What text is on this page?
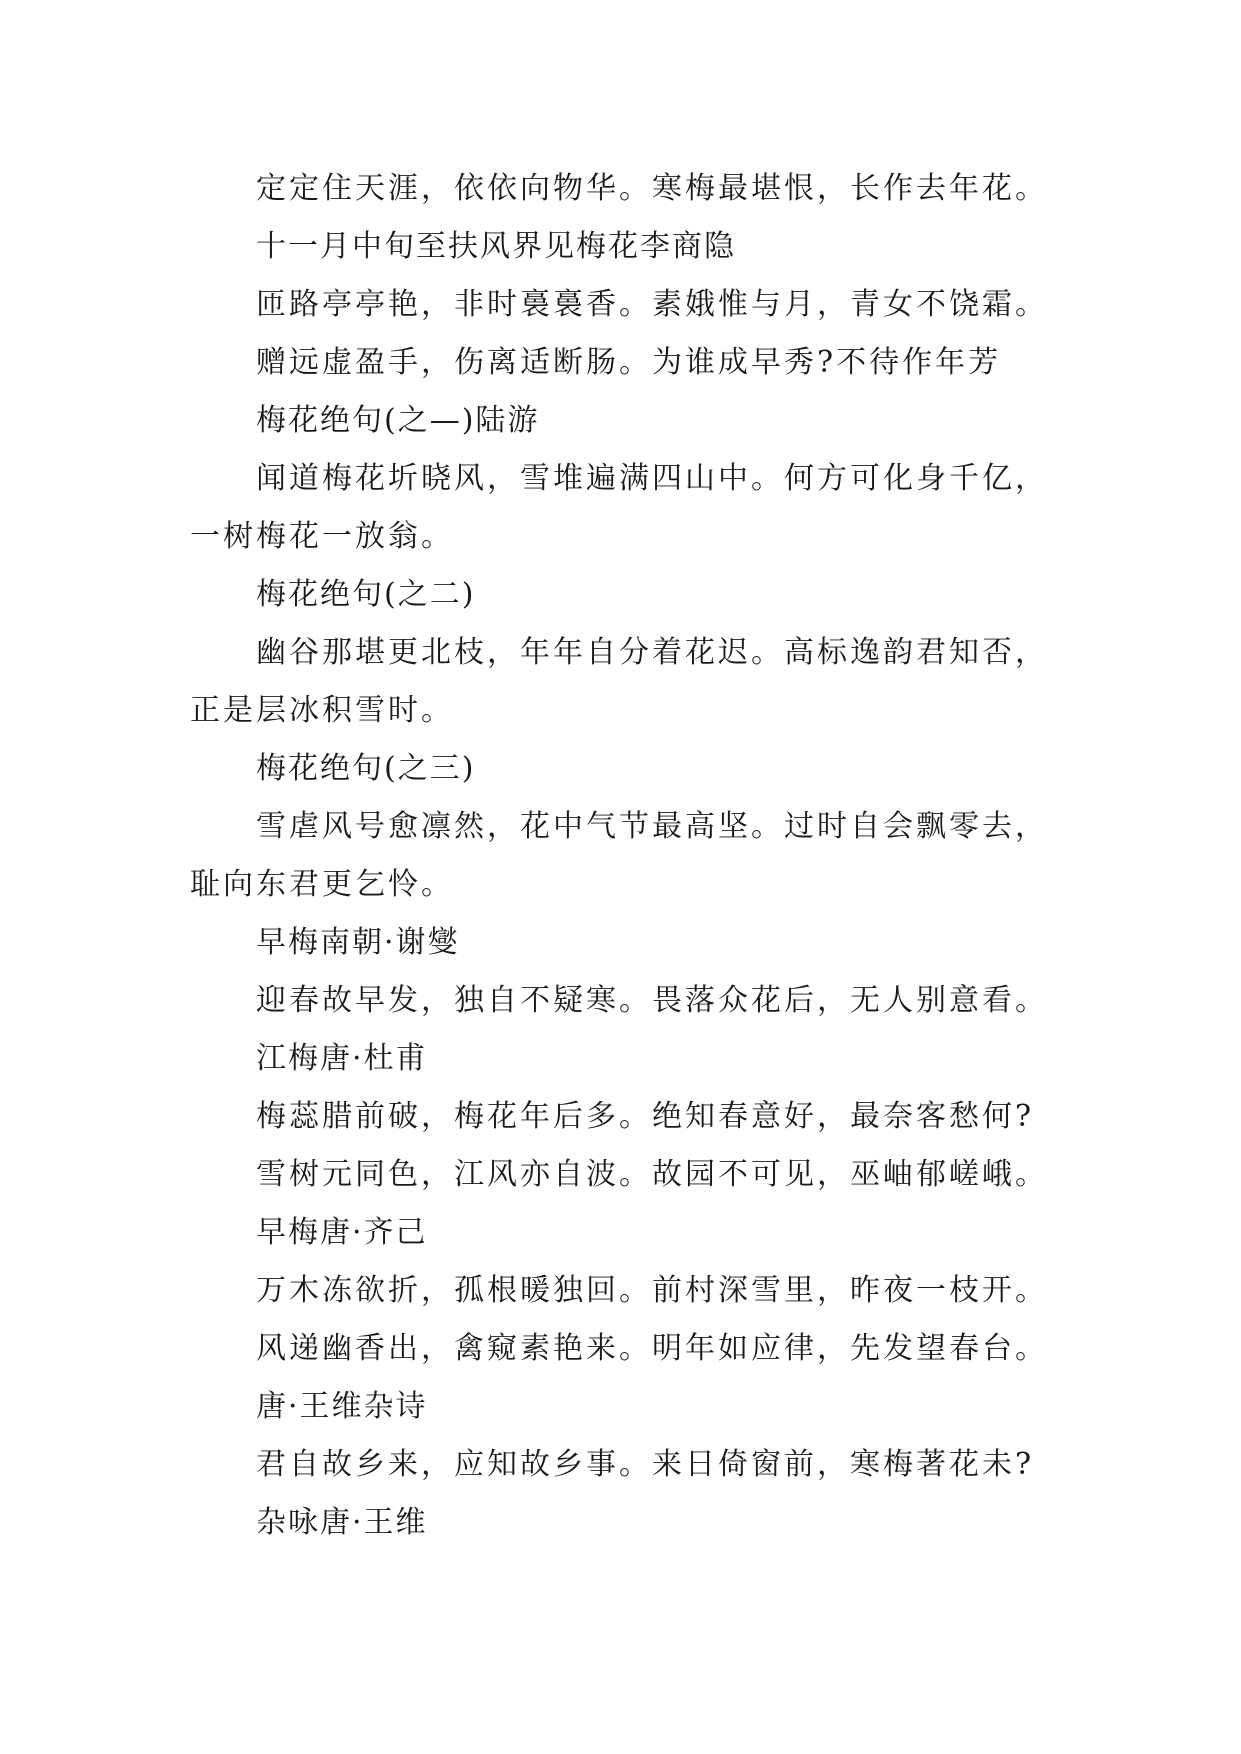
定定住天涯，依依向物华。寒梅最堪恨，长作去年花。

十一月中旬至扶风界见梅花李商隐

匝路亭亭艳，非时裛裛香。素娥惟与月，青女不饶霜。

赠远虚盈手，伤离适断肠。为谁成早秀?不待作年芳

梅花绝句(之—)陆游

闻道梅花圻晓风，雪堆遍满四山中。何方可化身千亿，

一树梅花一放翁。

梅花绝句(之二)

幽谷那堪更北枝，年年自分着花迟。高标逸韵君知否，

正是层冰积雪时。

梅花绝句(之三)

雪虐风号愈凛然，花中气节最高坚。过时自会飘零去，

耻向东君更乞怜。

早梅南朝·谢燮

迎春故早发，独自不疑寒。畏落众花后，无人别意看。

江梅唐·杜甫

梅蕊腊前破，梅花年后多。绝知春意好，最奈客愁何?

雪树元同色，江风亦自波。故园不可见，巫岫郁嵯峨。

早梅唐·齐己

万木冻欲折，孤根暖独回。前村深雪里，昨夜一枝开。

风递幽香出，禽窥素艳来。明年如应律，先发望春台。

唐·王维杂诗

君自故乡来，应知故乡事。来日倚窗前，寒梅著花未?

杂咏唐·王维
